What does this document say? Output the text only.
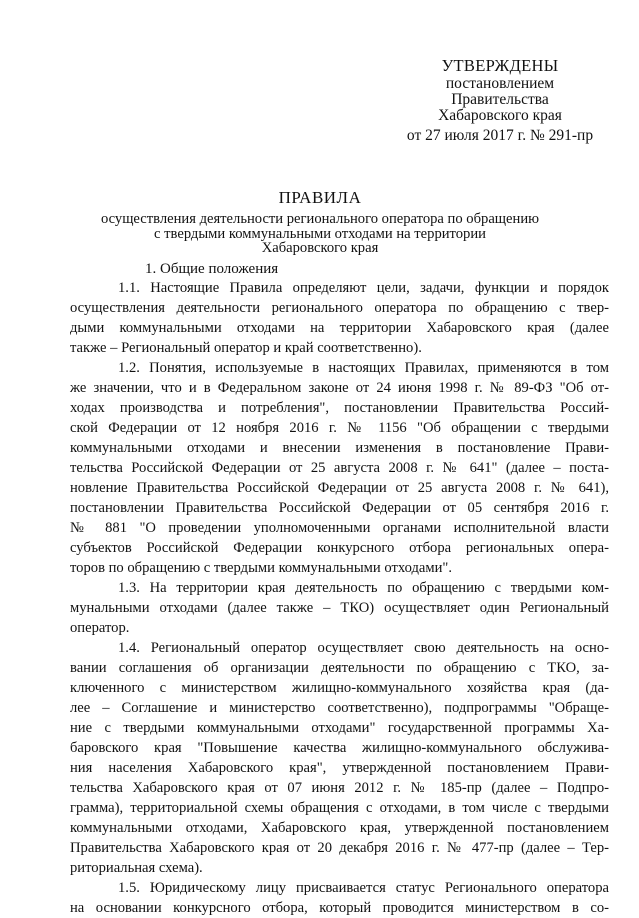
УТВЕРЖДЕНЫ
постановлением
Правительства
Хабаровского края
от 27 июля 2017 г. № 291-пр
ПРАВИЛА
осуществления деятельности регионального оператора по обращению
с твердыми коммунальными отходами на территории
Хабаровского края
1. Общие положения
1.1. Настоящие Правила определяют цели, задачи, функции и порядок
осуществления деятельности регионального оператора по обращению с твер-
дыми коммунальными отходами на территории Хабаровского края (далее
также – Региональный оператор и край соответственно).
1.2. Понятия, используемые в настоящих Правилах, применяются в том
же значении, что и в Федеральном законе от 24 июня 1998 г. № 89-ФЗ "Об от-
ходах производства и потребления", постановлении Правительства Россий-
ской Федерации от 12 ноября 2016 г. № 1156 "Об обращении с твердыми
коммунальными отходами и внесении изменения в постановление Прави-
тельства Российской Федерации от 25 августа 2008 г. № 641" (далее – поста-
новление Правительства Российской Федерации от 25 августа 2008 г. № 641),
постановлении Правительства Российской Федерации от 05 сентября 2016 г.
№ 881 "О проведении уполномоченными органами исполнительной власти
субъектов Российской Федерации конкурсного отбора региональных опера-
торов по обращению с твердыми коммунальными отходами".
1.3. На территории края деятельность по обращению с твердыми ком-
мунальными отходами (далее также – ТКО) осуществляет один Региональный
оператор.
1.4. Региональный оператор осуществляет свою деятельность на осно-
вании соглашения об организации деятельности по обращению с ТКО, за-
ключенного с министерством жилищно-коммунального хозяйства края (да-
лее – Соглашение и министерство соответственно), подпрограммы "Обраще-
ние с твердыми коммунальными отходами" государственной программы Ха-
баровского края "Повышение качества жилищно-коммунального обслужива-
ния населения Хабаровского края", утвержденной постановлением Прави-
тельства Хабаровского края от 07 июня 2012 г. № 185-пр (далее – Подпро-
грамма), территориальной схемы обращения с отходами, в том числе с твердыми
коммунальными отходами, Хабаровского края, утвержденной постановлением
Правительства Хабаровского края от 20 декабря 2016 г. № 477-пр (далее – Тер-
риториальная схема).
1.5. Юридическому лицу присваивается статус Регионального оператора
на основании конкурсного отбора, который проводится министерством в со-
